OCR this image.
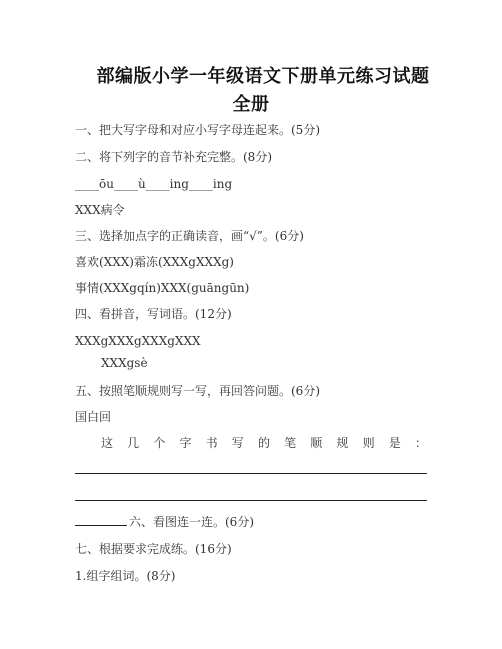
部编版小学一年级语文下册单元练习试题
全册
一、把大写字母和对应小写字母连起来。(5分)
二、将下列字的音节补充完整。(8分)
____ōu____ù____ing____ing
XXX病令
三、选择加点字的正确读音，画“√”。(6分)
喜欢(XXX)霜冻(XXXgXXXg)
事情(XXXgqín)XXX(guāngūn)
四、看拼音，写词语。(12分)
XXXgXXXgXXXgXXX
XXXgsè
五、按照笔顺规则写一写，再回答问题。(6分)
国白回
这 几 个 字 书 写 的 笔 顺 规 则 是 ：
六、看图连一连。(6分)
七、根据要求完成练。(16分)
1.组字组词。(8分)
